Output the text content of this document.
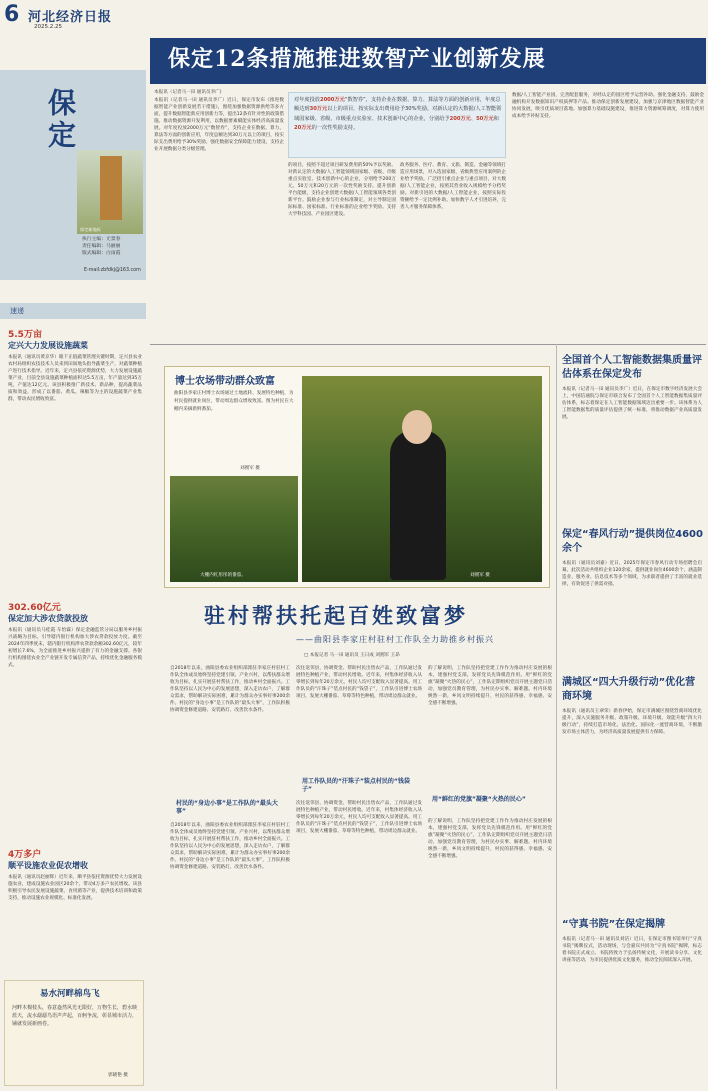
6 河北经济日报
2025.2.25
保定
保定新地标
执行主编：尤景春
责任编辑：马丽丽
版式编辑：白雨霞
E-mail:zbfdkj@163.com
速递
5.5万亩
定兴大力发展设施蔬菜
本报讯（通讯员黄京华）眼下正值蔬菜管理关键时期，定兴县农业农村局组织农技技术人员来到田间地头指导蔬菜生产，对蔬菜种植户进行技术指导。近年来，定兴县依托资源优势，大力发展设施蔬菜产业，目前全县设施蔬菜种植面积达5.5万亩，年产量达到35万吨，产值达12亿元。该县积极推广新技术、新品种，提高蔬菜品质和效益，形成了以番茄、黄瓜、辣椒等为主的设施蔬菜产业集群，带动农民增收致富。
302.60亿元
保定加大涉农贷款投放
本报讯（通讯员马桂霞 车怡霖）保定金融监管分局以服务乡村振兴战略为目标，引导辖内银行机构加大涉农贷款投放力度。截至2024年四季度末，辖内银行机构涉农贷款余额302.60亿元，较年初增长7.6%，为全面推进乡村振兴提供了有力的金融支撑。各银行机构围绕农业全产业链开发专属信贷产品，持续优化金融服务模式。
4万多户
顺平设施农业促农增收
本报讯（通讯员赵丽辉）近年来，顺平县依托资源优势大力发展设施农业，建成设施农业园区20余个，带动4万多户农民增收。该县积极引导农民发展设施蔬菜、食用菌等产业，提供技术培训和政策支持，推动设施农业规模化、标准化发展。
易水河畔棉鸟飞
河畔木棉枝头，春意盎然风光无限好，万物生长，碧水映蓝天，流水潺潺鸟语声声起，百舸争流，彰显城市活力，铺就发展新画卷。
郭晓艳 摄
保定12条措施推进数智产业创新发展
本报讯（记者马一田 通讯员李广)
对年度投放2000万元“数智券”，支持企业在数据、算力、算法等方面的创新应用，年度总额达到30万元以上的项目，按实际支出费用给予30%奖励。对新认定的大数据/人工智能领域国家级、省级、市级重点实验室、技术创新中心的企业，分别给予200万元、50万元和20万元的一次性奖励支持。
本报讯（记者马一田 通讯员李广）近日，保定市发布《推进数据智能产业创新发展若干措施》，围绕加强数据资源供给等多方面，提升数据智能新应用创新力等，提出12条有针对性的政策措施。推动数据资源开发利用，以数据要素赋能实体经济高质量发展。对年度投放2000万元“数智券”，支持企业在数据、算力、算法等方面的创新应用，年度总额达到30万元以上的项目，按实际支出费用给予30%奖励。强化数据安全保障能力建设，支持企业开展数据分类分级管理。
的项目，按照不超过项目研发费用的50%予以奖励。对新认定的大数据/人工智能领域国家级、省级、市级重点实验室、技术创新中心的企业，分别给予200万元、50万元和20万元的一次性奖励支持。提升创新平台能级，支持企业创建大数据/人工智能领域各类创新平台。鼓励企业参与行业标准制定，对主导制定国际标准、国家标准、行业标准的企业给予奖励。支持大学科技园、产业园区建设。
政务服务、医疗、教育、文旅、制造、金融等领域打造应用场景，对入选国家级、省级典型应用案例的企业给予奖励。广泛招引重点企业与重点项目，对大数据/人工智能企业，按照其营业收入规模给予分档奖励。对新引进的大数据/人工智能企业，按照实际投资额给予一定比例补助。加快数字人才引进培养，完善人才服务保障体系。
数据/人工智能产业园，完善配套服务，对经认定的园区给予运营补助。强化金融支持，鼓励金融机构开发数据知识产权质押等产品。推动保定创新发展建设，加强与京津地区数据智能产业协同发展，吸引优质项目落地。加强算力基础设施建设，推进算力资源统筹调度，对算力使用成本给予补贴支持。
博士农场带动群众致富
曲阳县李家庄村博士农场通过土地流转、发展特色种植，为村民提供就业岗位，带动周边群众增收致富。图为村民在大棚内采摘新鲜番茄。
刘拥军 摄
大棚内红彤彤的番茄。	刘拥军 摄
驻村帮扶托起百姓致富梦
——曲阳县李家庄村驻村工作队全力助推乡村振兴
□ 本报记者 马一田 通讯员 王日成 刘拥军 王昂
自2018年以来，曲阳县委农业组织部派驻李家庄村驻村工作队全体成员始终坚持党建引领、产业兴村，以帮扶群众增收为目标，扎实开展驻村帮扶工作，推动乡村全面振兴。工作队坚持以人民为中心的发展思想，深入走访农户，了解群众需求，帮助解决实际困难，累计为群众办实事好事200余件。村民的“身边小事”是工作队的“最头大事”，工作队积极协调资金修建道路、安装路灯、改善饮水条件。
村民的“身边小事”是工作队的“最头大事”
自2018年以来，曲阳县委农业组织部派驻李家庄村驻村工作队全体成员始终坚持党建引领、产业兴村，以帮扶群众增收为目标，扎实开展驻村帮扶工作，推动乡村全面振兴。工作队坚持以人民为中心的发展思想，深入走访农户，了解群众需求，帮助解决实际困难，累计为群众办实事好事200余件。村民的“身边小事”是工作队的“最头大事”，工作队积极协调资金修建道路、安装路灯、改善饮水条件。
次往返邻县，协调资金、帮助村民出售农产品，工作队通过发展特色种植产业，带动村民增收。近年来，村集体经济收入从零增长到每年20万余元，村民人均可支配收入显著提高。用工作队员的“汗珠子”装点村民的“钱袋子”，工作队引进博士农场项目，发展大棚番茄、草莓等特色种植，带动周边群众就业。
用工作队员的“汗珠子”装点村民的“钱袋子”
次往返邻县，协调资金、帮助村民出售农产品，工作队通过发展特色种植产业，带动村民增收。近年来，村集体经济收入从零增长到每年20万余元，村民人均可支配收入显著提高。用工作队员的“汗珠子”装点村民的“钱袋子”，工作队引进博士农场项目，发展大棚番茄、草莓等特色种植，带动周边群众就业。
的了解说明，工作队坚持把党建工作作为推动村庄发展的根本，建强村党支部，发挥党员先锋模范作用。用“鲜红的党旗”凝聚“火热的民心”，工作队定期组织党员开展主题党日活动，加强党员教育管理，为村民办实事、解难题。村内环境焕然一新，乡风文明持续提升，村民的获得感、幸福感、安全感不断增强。
用“鲜红的党旗”凝聚“火热的民心”
的了解说明，工作队坚持把党建工作作为推动村庄发展的根本，建强村党支部，发挥党员先锋模范作用。用“鲜红的党旗”凝聚“火热的民心”，工作队定期组织党员开展主题党日活动，加强党员教育管理，为村民办实事、解难题。村内环境焕然一新，乡风文明持续提升，村民的获得感、幸福感、安全感不断增强。
全国首个人工智能数据集质量评估体系在保定发布
本报讯（记者马一田 通讯员李广）近日，在保定市数字经济发展大会上，中国信通院与保定市联合发布了全国首个人工智能数据集质量评估体系，标志着保定在人工智能数据领域迈出重要一步。该体系为人工智能数据集的质量评估提供了统一标准，将推动数据产业高质量发展。
保定“春风行动”提供岗位4600余个
本报讯（通讯员刘嘉）近日，2025年保定市春风行动专场招聘会启幕，此次活动共组织企业120余家，提供就业岗位4600余个，涵盖制造业、服务业、信息技术等多个领域，为求职者提供了丰富的就业选择，有效促进了供需对接。
满城区“四大升级行动”优化营商环境
本报讯（通讯员王翠荣）新春伊始，保定市满城区围绕营商环境优化提升，深入实施服务升级、政策升级、环境升级、效能升级“四大升级行动”，持续打造市场化、法治化、国际化一流营商环境，不断激发市场主体活力，为经济高质量发展提供有力保障。
“守真书院”在保定揭牌
本报讯（记者马一田 通讯员刘洁）近日，在保定市图书馆举行“守真书院”揭牌仪式，活动现场，与会嘉宾共同为“守真书院”揭牌，标志着书院正式成立。书院将致力于弘扬传统文化，开展读书分享、文化讲座等活动，为市民提供优质文化服务，推动全民阅读深入开展。
